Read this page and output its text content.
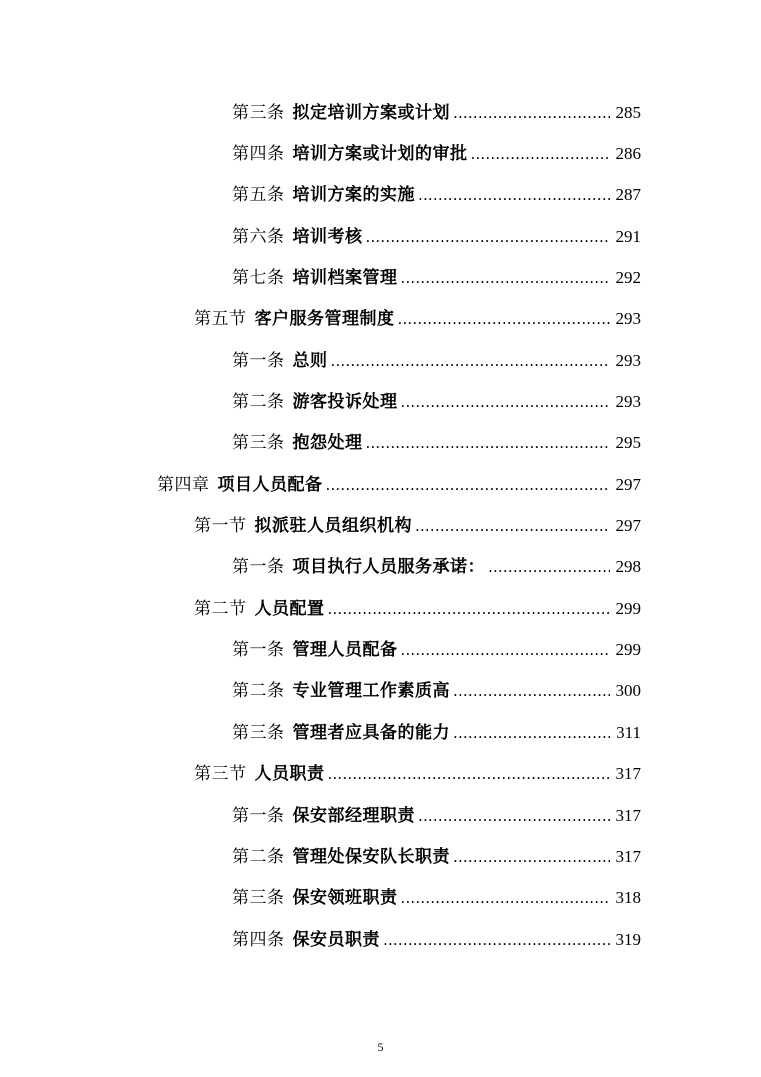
第三条 拟定培训方案或计划 .....	285
第四条 培训方案或计划的审批 .....	286
第五条 培训方案的实施 .....	287
第六条 培训考核 .....	291
第七条 培训档案管理 .....	292
第五节 客户服务管理制度 .....	293
第一条 总则 .....	293
第二条 游客投诉处理 .....	293
第三条 抱怨处理 .....	295
第四章 项目人员配备 .....	297
第一节 拟派驻人员组织机构 .....	297
第一条 项目执行人员服务承诺： .....	298
第二节 人员配置 .....	299
第一条 管理人员配备 .....	299
第二条 专业管理工作素质高 .....	300
第三条 管理者应具备的能力 .....	311
第三节 人员职责 .....	317
第一条 保安部经理职责 .....	317
第二条 管理处保安队长职责 .....	317
第三条 保安领班职责 .....	318
第四条 保安员职责 .....	319
5
